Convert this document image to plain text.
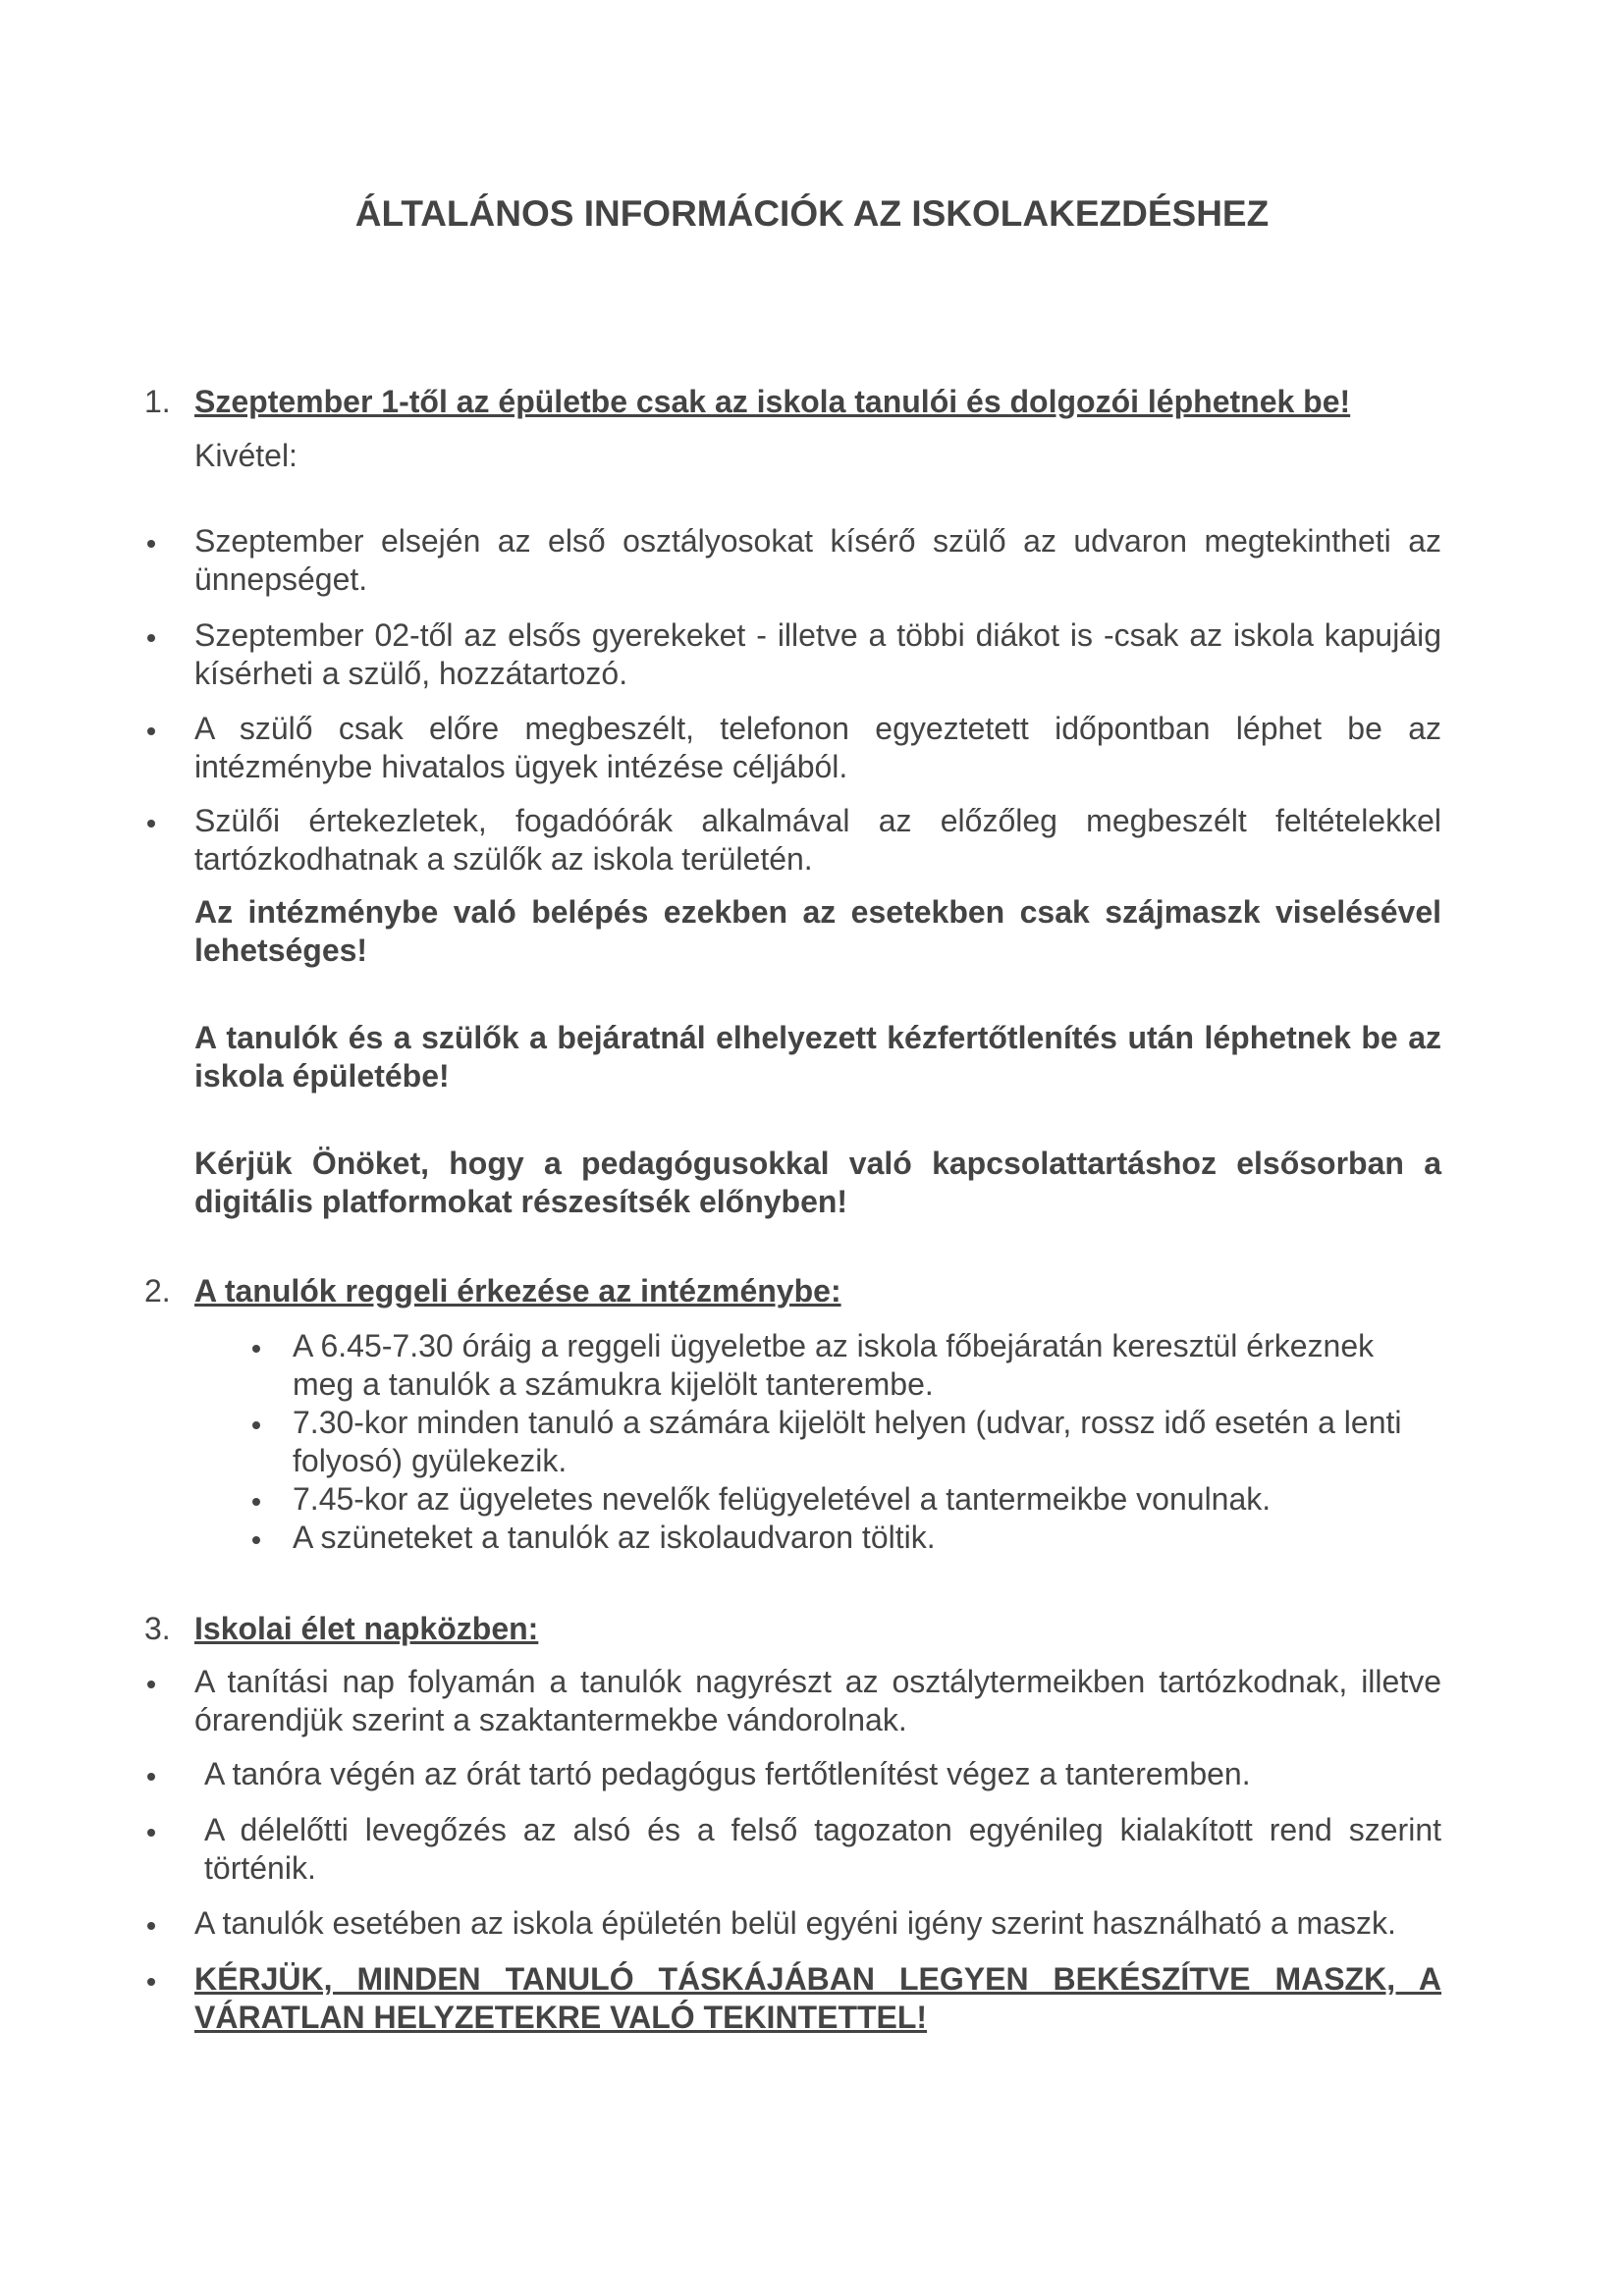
ÁLTALÁNOS INFORMÁCIÓK AZ ISKOLAKEZDÉSHEZ
1. Szeptember 1-től az épületbe csak az iskola tanulói és dolgozói léphetnek be!
Kivétel:
Szeptember elsején az első osztályosokat kísérő szülő az udvaron megtekintheti az ünnepséget.
Szeptember 02-től az elsős gyerekeket - illetve a többi diákot is -csak az iskola kapujáig kísérheti a szülő, hozzátartozó.
A szülő csak előre megbeszélt, telefonon egyeztetett időpontban léphet be az intézménybe hivatalos ügyek intézése céljából.
Szülői értekezletek, fogadóórák alkalmával az előzőleg megbeszélt feltételekkel tartózkodhatnak a szülők az iskola területén.
Az intézménybe való belépés ezekben az esetekben csak szájmaszk viselésével lehetséges!
A tanulók és a szülők a bejáratnál elhelyezett kézfertőtlenítés után léphetnek be az iskola épületébe!
Kérjük Önöket, hogy a pedagógusokkal való kapcsolattartáshoz elsősorban a digitális platformokat részesítsék előnyben!
2. A tanulók reggeli érkezése az intézménybe:
A 6.45-7.30 óráig a reggeli ügyeletbe az iskola főbejáratán keresztül érkeznek meg a tanulók a számukra kijelölt tanterembe.
7.30-kor minden tanuló a számára kijelölt helyen (udvar, rossz idő esetén a lenti folyosó) gyülekezik.
7.45-kor az ügyeletes nevelők felügyeletével a tantermeikbe vonulnak.
A szüneteket a tanulók az iskolaudvaron töltik.
3. Iskolai élet napközben:
A tanítási nap folyamán a tanulók nagyrészt az osztálytermeikben tartózkodnak, illetve órarendjük szerint a szaktantermekbe vándorolnak.
A tanóra végén az órát tartó pedagógus fertőtlenítést végez a tanteremben.
A délelőtti levegőzés az alsó és a felső tagozaton egyénileg kialakított rend szerint történik.
A tanulók esetében az iskola épületén belül egyéni igény szerint használható a maszk.
KÉRJÜK, MINDEN TANULÓ TÁSKÁJÁBAN LEGYEN BEKÉSZÍTVE MASZK, A VÁRATLAN HELYZETEKRE VALÓ TEKINTETTEL!
